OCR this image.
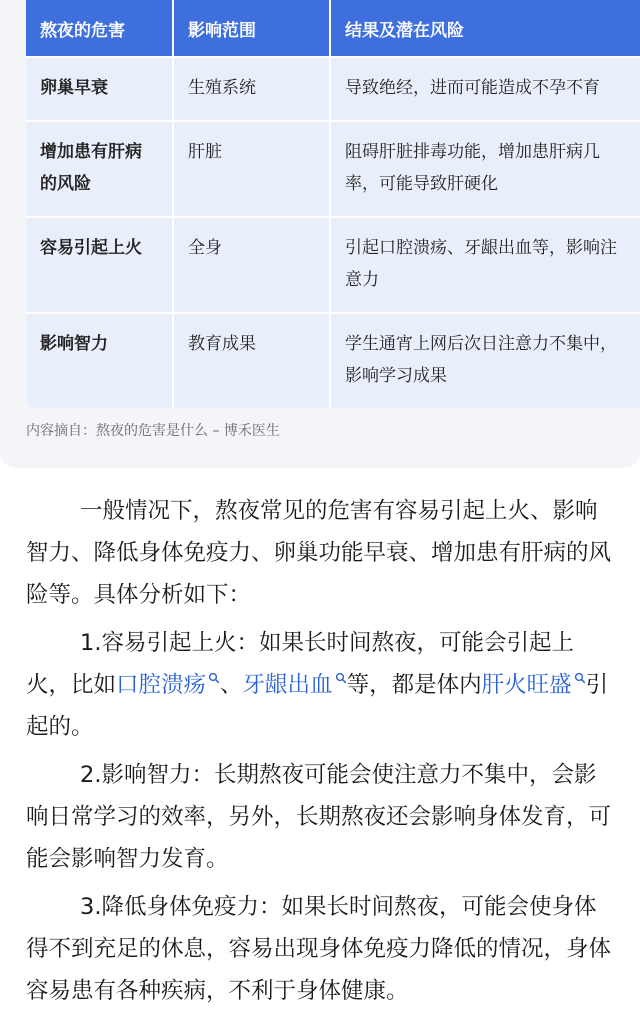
熬夜的危害	影响范围	结果及潜在风险
卵巢早衰	生殖系统	导致绝经，进而可能造成不孕不育
增加患有肝病的风险	肝脏	阻碍肝脏排毒功能，增加患肝病几率，可能导致肝硬化
容易引起上火	全身	引起口腔溃疡、牙龈出血等，影响注意力
影响智力	教育成果	学生通宵上网后次日注意力不集中，影响学习成果
内容摘自：熬夜的危害是什么 – 博禾医生

一般情况下，熬夜常见的危害有容易引起上火、影响智力、降低身体免疫力、卵巢功能早衰、增加患有肝病的风险等。具体分析如下：

1.容易引起上火：如果长时间熬夜，可能会引起上火，比如口腔溃疡 、牙龈出血 等，都是体内肝火旺盛 引起的。

2.影响智力：长期熬夜可能会使注意力不集中，会影响日常学习的效率，另外，长期熬夜还会影响身体发育，可能会影响智力发育。

3.降低身体免疫力：如果长时间熬夜，可能会使身体得不到充足的休息，容易出现身体免疫力降低的情况，身体容易患有各种疾病，不利于身体健康。
